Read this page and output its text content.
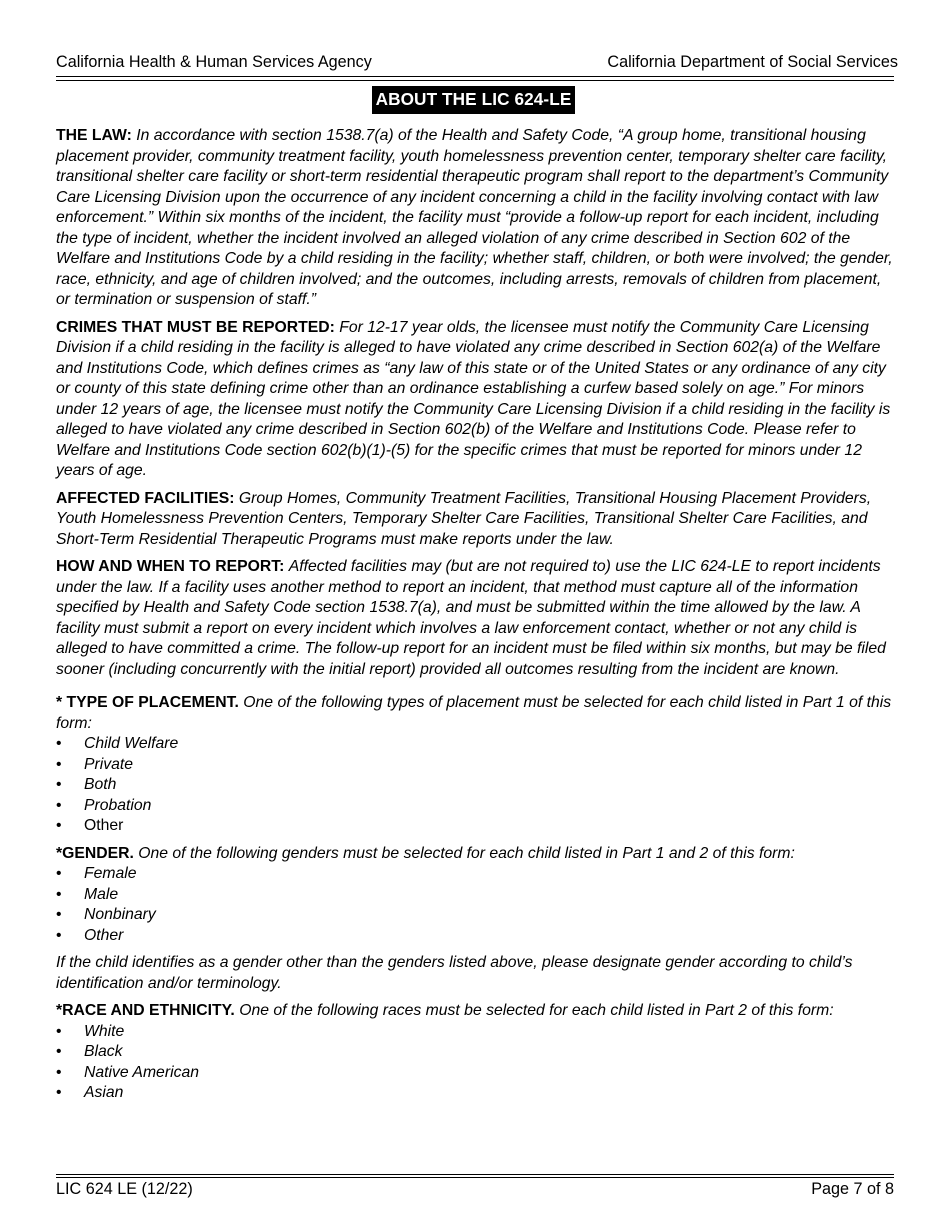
California Health & Human Services Agency	California Department of Social Services
ABOUT THE LIC 624-LE

THE LAW: In accordance with section 1538.7(a) of the Health and Safety Code, “A group home, transitional housing placement provider, community treatment facility, youth homelessness prevention center, temporary shelter care facility, transitional shelter care facility or short-term residential therapeutic program shall report to the department’s Community Care Licensing Division upon the occurrence of any incident concerning a child in the facility involving contact with law enforcement.” Within six months of the incident, the facility must “provide a follow-up report for each incident, including the type of incident, whether the incident involved an alleged violation of any crime described in Section 602 of the Welfare and Institutions Code by a child residing in the facility; whether staff, children, or both were involved; the gender, race, ethnicity, and age of children involved; and the outcomes, including arrests, removals of children from placement, or termination or suspension of staff.”

CRIMES THAT MUST BE REPORTED: For 12-17 year olds, the licensee must notify the Community Care Licensing Division if a child residing in the facility is alleged to have violated any crime described in Section 602(a) of the Welfare and Institutions Code, which defines crimes as “any law of this state or of the United States or any ordinance of any city or county of this state defining crime other than an ordinance establishing a curfew based solely on age.” For minors under 12 years of age, the licensee must notify the Community Care Licensing Division if a child residing in the facility is alleged to have violated any crime described in Section 602(b) of the Welfare and Institutions Code. Please refer to Welfare and Institutions Code section 602(b)(1)-(5) for the specific crimes that must be reported for minors under 12 years of age.

AFFECTED FACILITIES: Group Homes, Community Treatment Facilities, Transitional Housing Placement Providers, Youth Homelessness Prevention Centers, Temporary Shelter Care Facilities, Transitional Shelter Care Facilities, and Short-Term Residential Therapeutic Programs must make reports under the law.

HOW AND WHEN TO REPORT: Affected facilities may (but are not required to) use the LIC 624-LE to report incidents under the law. If a facility uses another method to report an incident, that method must capture all of the information specified by Health and Safety Code section 1538.7(a), and must be submitted within the time allowed by the law. A facility must submit a report on every incident which involves a law enforcement contact, whether or not any child is alleged to have committed a crime. The follow-up report for an incident must be filed within six months, but may be filed sooner (including concurrently with the initial report) provided all outcomes resulting from the incident are known.

* TYPE OF PLACEMENT. One of the following types of placement must be selected for each child listed in Part 1 of this form:

• Child Welfare
• Private
• Both
• Probation
• Other

*GENDER. One of the following genders must be selected for each child listed in Part 1 and 2 of this form:

• Female
• Male
• Nonbinary
• Other

If the child identifies as a gender other than the genders listed above, please designate gender according to child’s identification and/or terminology.

*RACE AND ETHNICITY. One of the following races must be selected for each child listed in Part 2 of this form:

• White
• Black
• Native American
• Asian
LIC 624 LE (12/22)	Page 7 of 8
